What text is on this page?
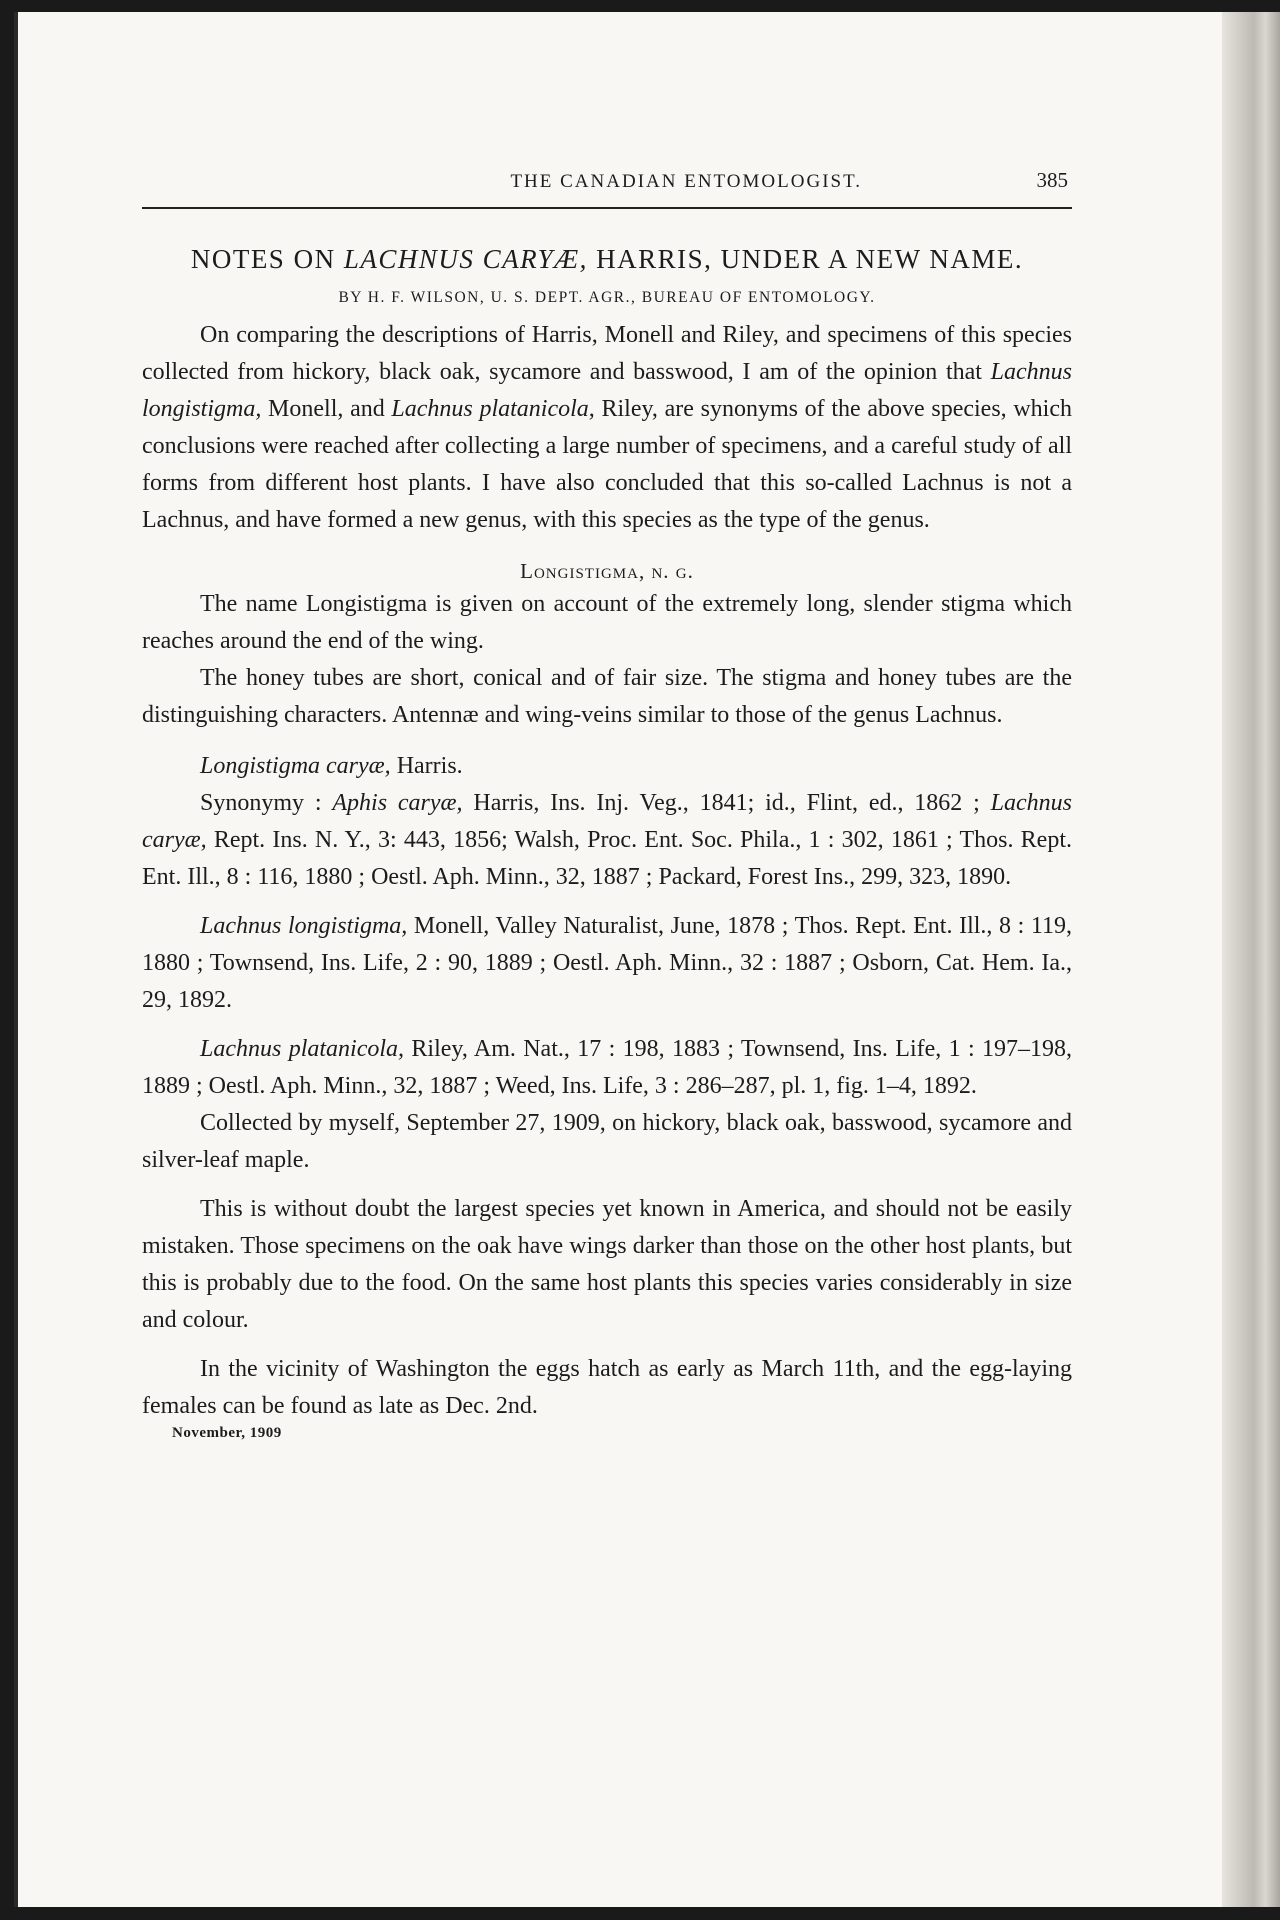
THE CANADIAN ENTOMOLOGIST.	385
NOTES ON LACHNUS CARYÆ, HARRIS, UNDER A NEW NAME.
BY H. F. WILSON, U. S. DEPT. AGR., BUREAU OF ENTOMOLOGY.

On comparing the descriptions of Harris, Monell and Riley, and specimens of this species collected from hickory, black oak, sycamore and basswood, I am of the opinion that Lachnus longistigma, Monell, and Lachnus platanicola, Riley, are synonyms of the above species, which conclusions were reached after collecting a large number of specimens, and a careful study of all forms from different host plants. I have also concluded that this so-called Lachnus is not a Lachnus, and have formed a new genus, with this species as the type of the genus.

Longistigma, n. g.

The name Longistigma is given on account of the extremely long, slender stigma which reaches around the end of the wing.

The honey tubes are short, conical and of fair size. The stigma and honey tubes are the distinguishing characters. Antennæ and wing-veins similar to those of the genus Lachnus.

Longistigma caryæ, Harris.

Synonymy : Aphis caryæ, Harris, Ins. Inj. Veg., 1841; id., Flint, ed., 1862 ; Lachnus caryæ, Rept. Ins. N. Y., 3: 443, 1856; Walsh, Proc. Ent. Soc. Phila., 1 : 302, 1861 ; Thos. Rept. Ent. Ill., 8 : 116, 1880 ; Oestl. Aph. Minn., 32, 1887 ; Packard, Forest Ins., 299, 323, 1890.

Lachnus longistigma, Monell, Valley Naturalist, June, 1878 ; Thos. Rept. Ent. Ill., 8 : 119, 1880 ; Townsend, Ins. Life, 2 : 90, 1889 ; Oestl. Aph. Minn., 32 : 1887 ; Osborn, Cat. Hem. Ia., 29, 1892.

Lachnus platanicola, Riley, Am. Nat., 17 : 198, 1883 ; Townsend, Ins. Life, 1 : 197–198, 1889 ; Oestl. Aph. Minn., 32, 1887 ; Weed, Ins. Life, 3 : 286–287, pl. 1, fig. 1–4, 1892.

Collected by myself, September 27, 1909, on hickory, black oak, basswood, sycamore and silver-leaf maple.

This is without doubt the largest species yet known in America, and should not be easily mistaken. Those specimens on the oak have wings darker than those on the other host plants, but this is probably due to the food. On the same host plants this species varies considerably in size and colour.

In the vicinity of Washington the eggs hatch as early as March 11th, and the egg-laying females can be found as late as Dec. 2nd.

November, 1909
